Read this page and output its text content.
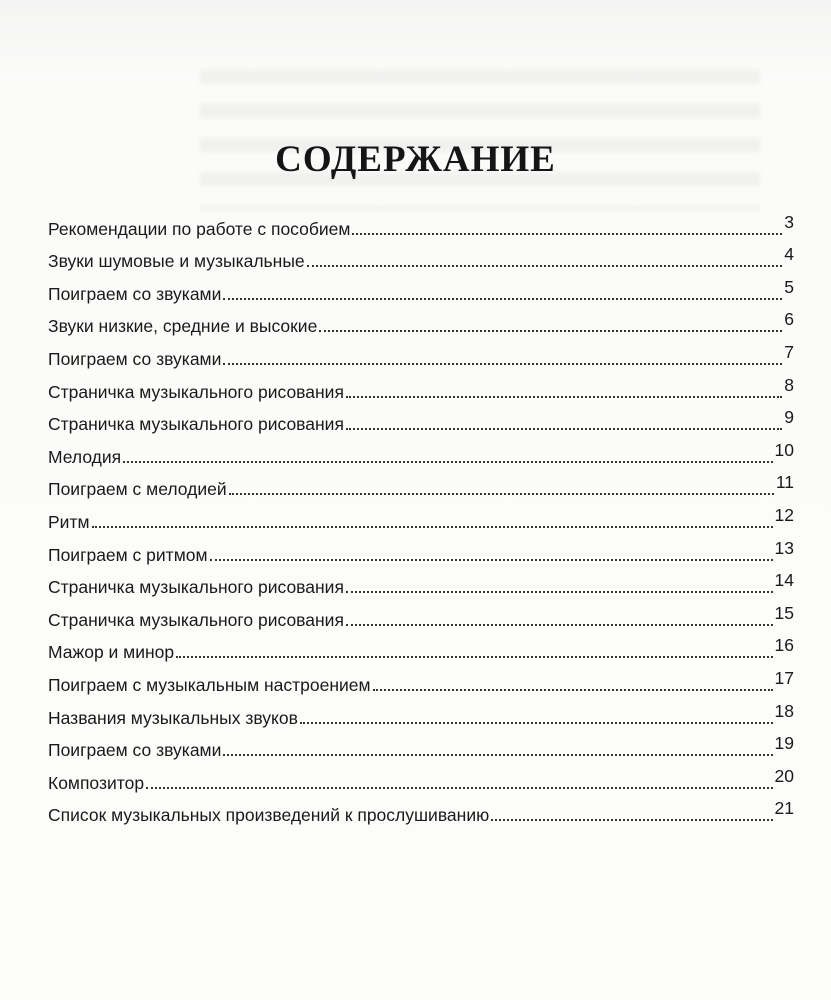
СОДЕРЖАНИЕ
Рекомендации по работе с пособием	3
Звуки шумовые и музыкальные	4
Поиграем со звуками	5
Звуки низкие, средние и высокие	6
Поиграем со звуками	7
Страничка музыкального рисования	8
Страничка музыкального рисования	9
Мелодия	10
Поиграем с мелодией	11
Ритм	12
Поиграем с ритмом	13
Страничка музыкального рисования	14
Страничка музыкального рисования	15
Мажор и минор	16
Поиграем с музыкальным настроением	17
Названия музыкальных звуков	18
Поиграем со звуками	19
Композитор	20
Список музыкальных произведений к прослушиванию	21
